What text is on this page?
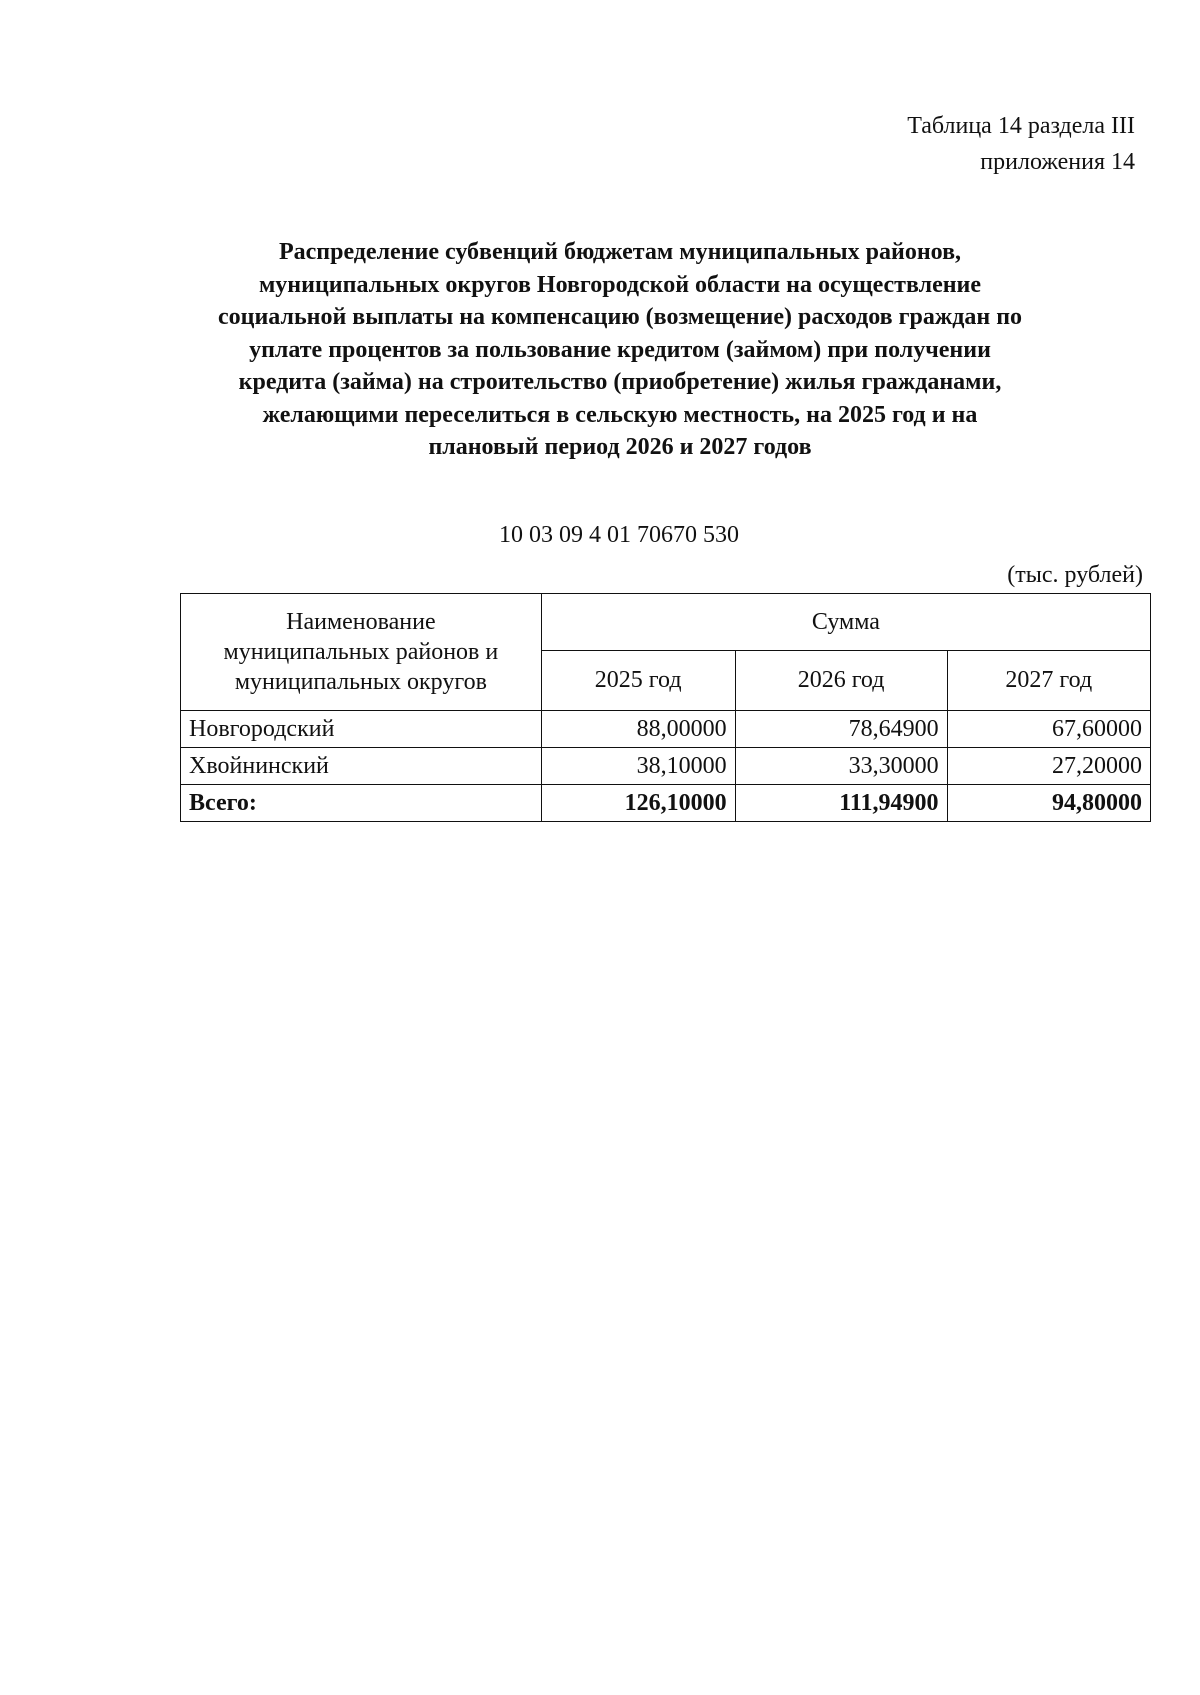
Таблица 14 раздела III
приложения 14
Распределение субвенций бюджетам муниципальных районов,
муниципальных округов Новгородской области на осуществление
социальной выплаты на компенсацию (возмещение) расходов граждан по
уплате процентов за пользование кредитом (займом) при получении
кредита (займа) на строительство (приобретение) жилья гражданами,
желающими переселиться в сельскую местность, на 2025 год и на
плановый период 2026 и 2027 годов
10 03 09 4 01 70670 530
(тыс. рублей)
Наименование
муниципальных районов и
муниципальных округов	Сумма		
	2025 год	2026 год	2027 год
Новгородский	88,00000	78,64900	67,60000
Хвойнинский	38,10000	33,30000	27,20000
Всего:	126,10000	111,94900	94,80000
